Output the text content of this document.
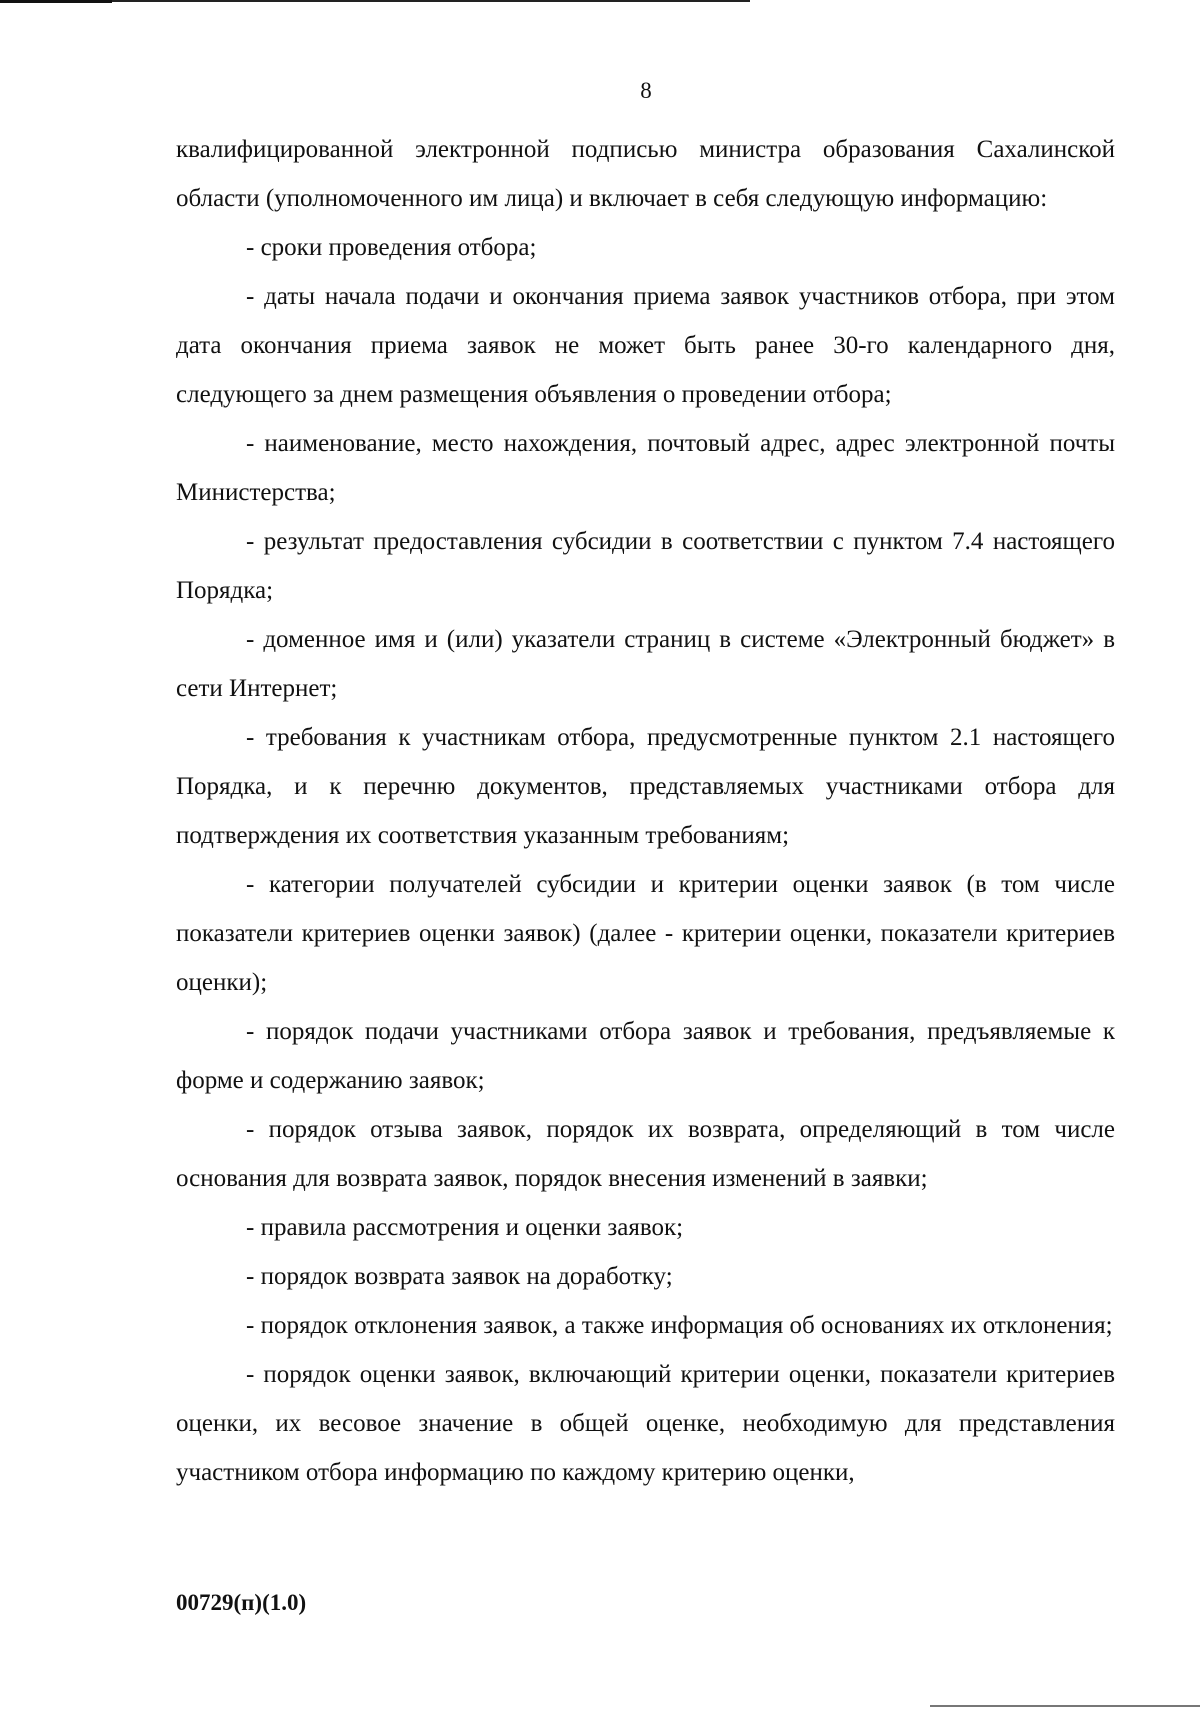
8

квалифицированной электронной подписью министра образования Сахалинской области (уполномоченного им лица) и включает в себя следующую информацию:

- сроки проведения отбора;

- даты начала подачи и окончания приема заявок участников отбора, при этом дата окончания приема заявок не может быть ранее 30-го календарного дня, следующего за днем размещения объявления о проведении отбора;

- наименование, место нахождения, почтовый адрес, адрес электронной почты Министерства;

- результат предоставления субсидии в соответствии с пунктом 7.4 настоящего Порядка;

- доменное имя и (или) указатели страниц в системе «Электронный бюджет» в сети Интернет;

- требования к участникам отбора, предусмотренные пунктом 2.1 настоящего Порядка, и к перечню документов, представляемых участниками отбора для подтверждения их соответствия указанным требованиям;

- категории получателей субсидии и критерии оценки заявок (в том числе показатели критериев оценки заявок) (далее - критерии оценки, показатели критериев оценки);

- порядок подачи участниками отбора заявок и требования, предъявляемые к форме и содержанию заявок;

- порядок отзыва заявок, порядок их возврата, определяющий в том числе основания для возврата заявок, порядок внесения изменений в заявки;

- правила рассмотрения и оценки заявок;

- порядок возврата заявок на доработку;

- порядок отклонения заявок, а также информация об основаниях их отклонения;

- порядок оценки заявок, включающий критерии оценки, показатели критериев оценки, их весовое значение в общей оценке, необходимую для представления участником отбора информацию по каждому критерию оценки,

00729(п)(1.0)
